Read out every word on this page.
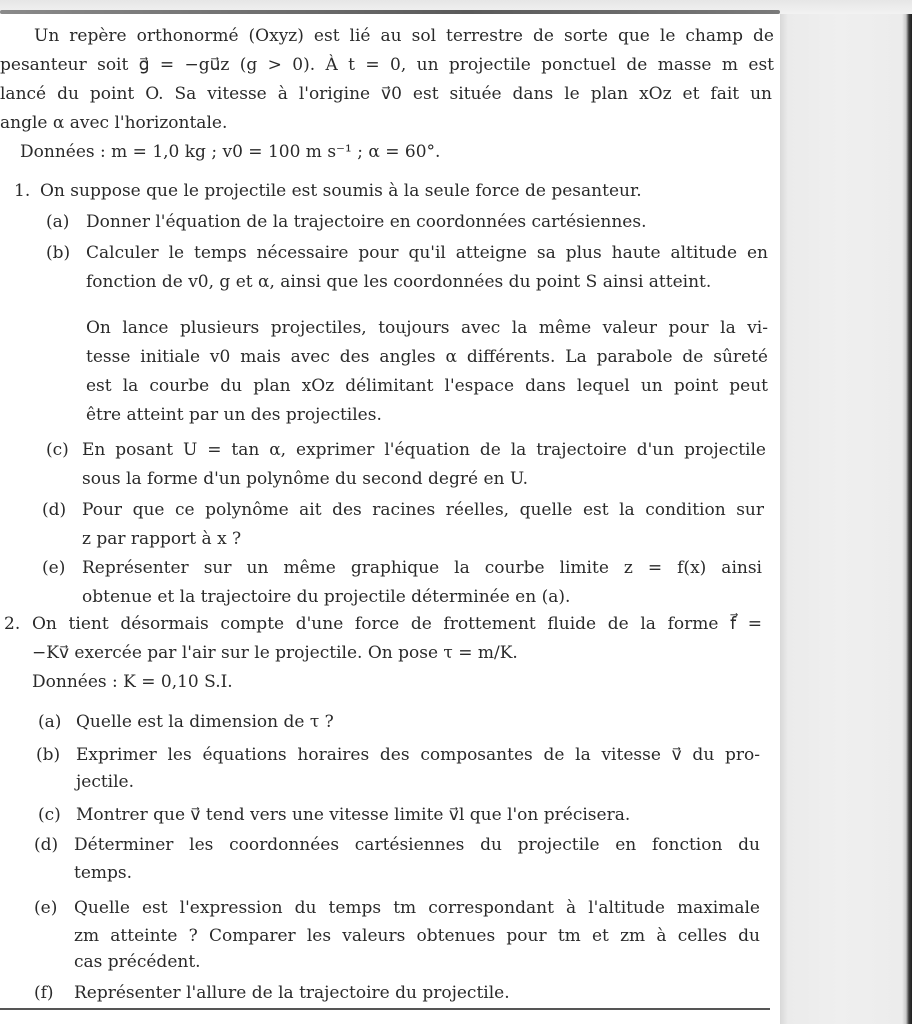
Un repère orthonormé (Oxyz) est lié au sol terrestre de sorte que le champ de
pesanteur soit g⃗ = −gu⃗z (g > 0). À t = 0, un projectile ponctuel de masse m est
lancé du point O. Sa vitesse à l'origine v⃗0 est située dans le plan xOz et fait un
angle α avec l'horizontale.
Données : m = 1,0 kg ; v0 = 100 m s⁻¹ ; α = 60°.
1. On suppose que le projectile est soumis à la seule force de pesanteur.
(a) Donner l'équation de la trajectoire en coordonnées cartésiennes.
(b) Calculer le temps nécessaire pour qu'il atteigne sa plus haute altitude en
fonction de v0, g et α, ainsi que les coordonnées du point S ainsi atteint.
On lance plusieurs projectiles, toujours avec la même valeur pour la vi-
tesse initiale v0 mais avec des angles α différents. La parabole de sûreté
est la courbe du plan xOz délimitant l'espace dans lequel un point peut
être atteint par un des projectiles.
(c) En posant U = tan α, exprimer l'équation de la trajectoire d'un projectile
sous la forme d'un polynôme du second degré en U.
(d) Pour que ce polynôme ait des racines réelles, quelle est la condition sur
z par rapport à x ?
(e) Représenter sur un même graphique la courbe limite z = f(x) ainsi
obtenue et la trajectoire du projectile déterminée en (a).
2. On tient désormais compte d'une force de frottement fluide de la forme f⃗ =
−Kv⃗ exercée par l'air sur le projectile. On pose τ = m/K.
Données : K = 0,10 S.I.
(a) Quelle est la dimension de τ ?
(b) Exprimer les équations horaires des composantes de la vitesse v⃗ du pro-
jectile.
(c) Montrer que v⃗ tend vers une vitesse limite v⃗l que l'on précisera.
(d) Déterminer les coordonnées cartésiennes du projectile en fonction du
temps.
(e) Quelle est l'expression du temps tm correspondant à l'altitude maximale
zm atteinte ? Comparer les valeurs obtenues pour tm et zm à celles du
cas précédent.
(f) Représenter l'allure de la trajectoire du projectile.
